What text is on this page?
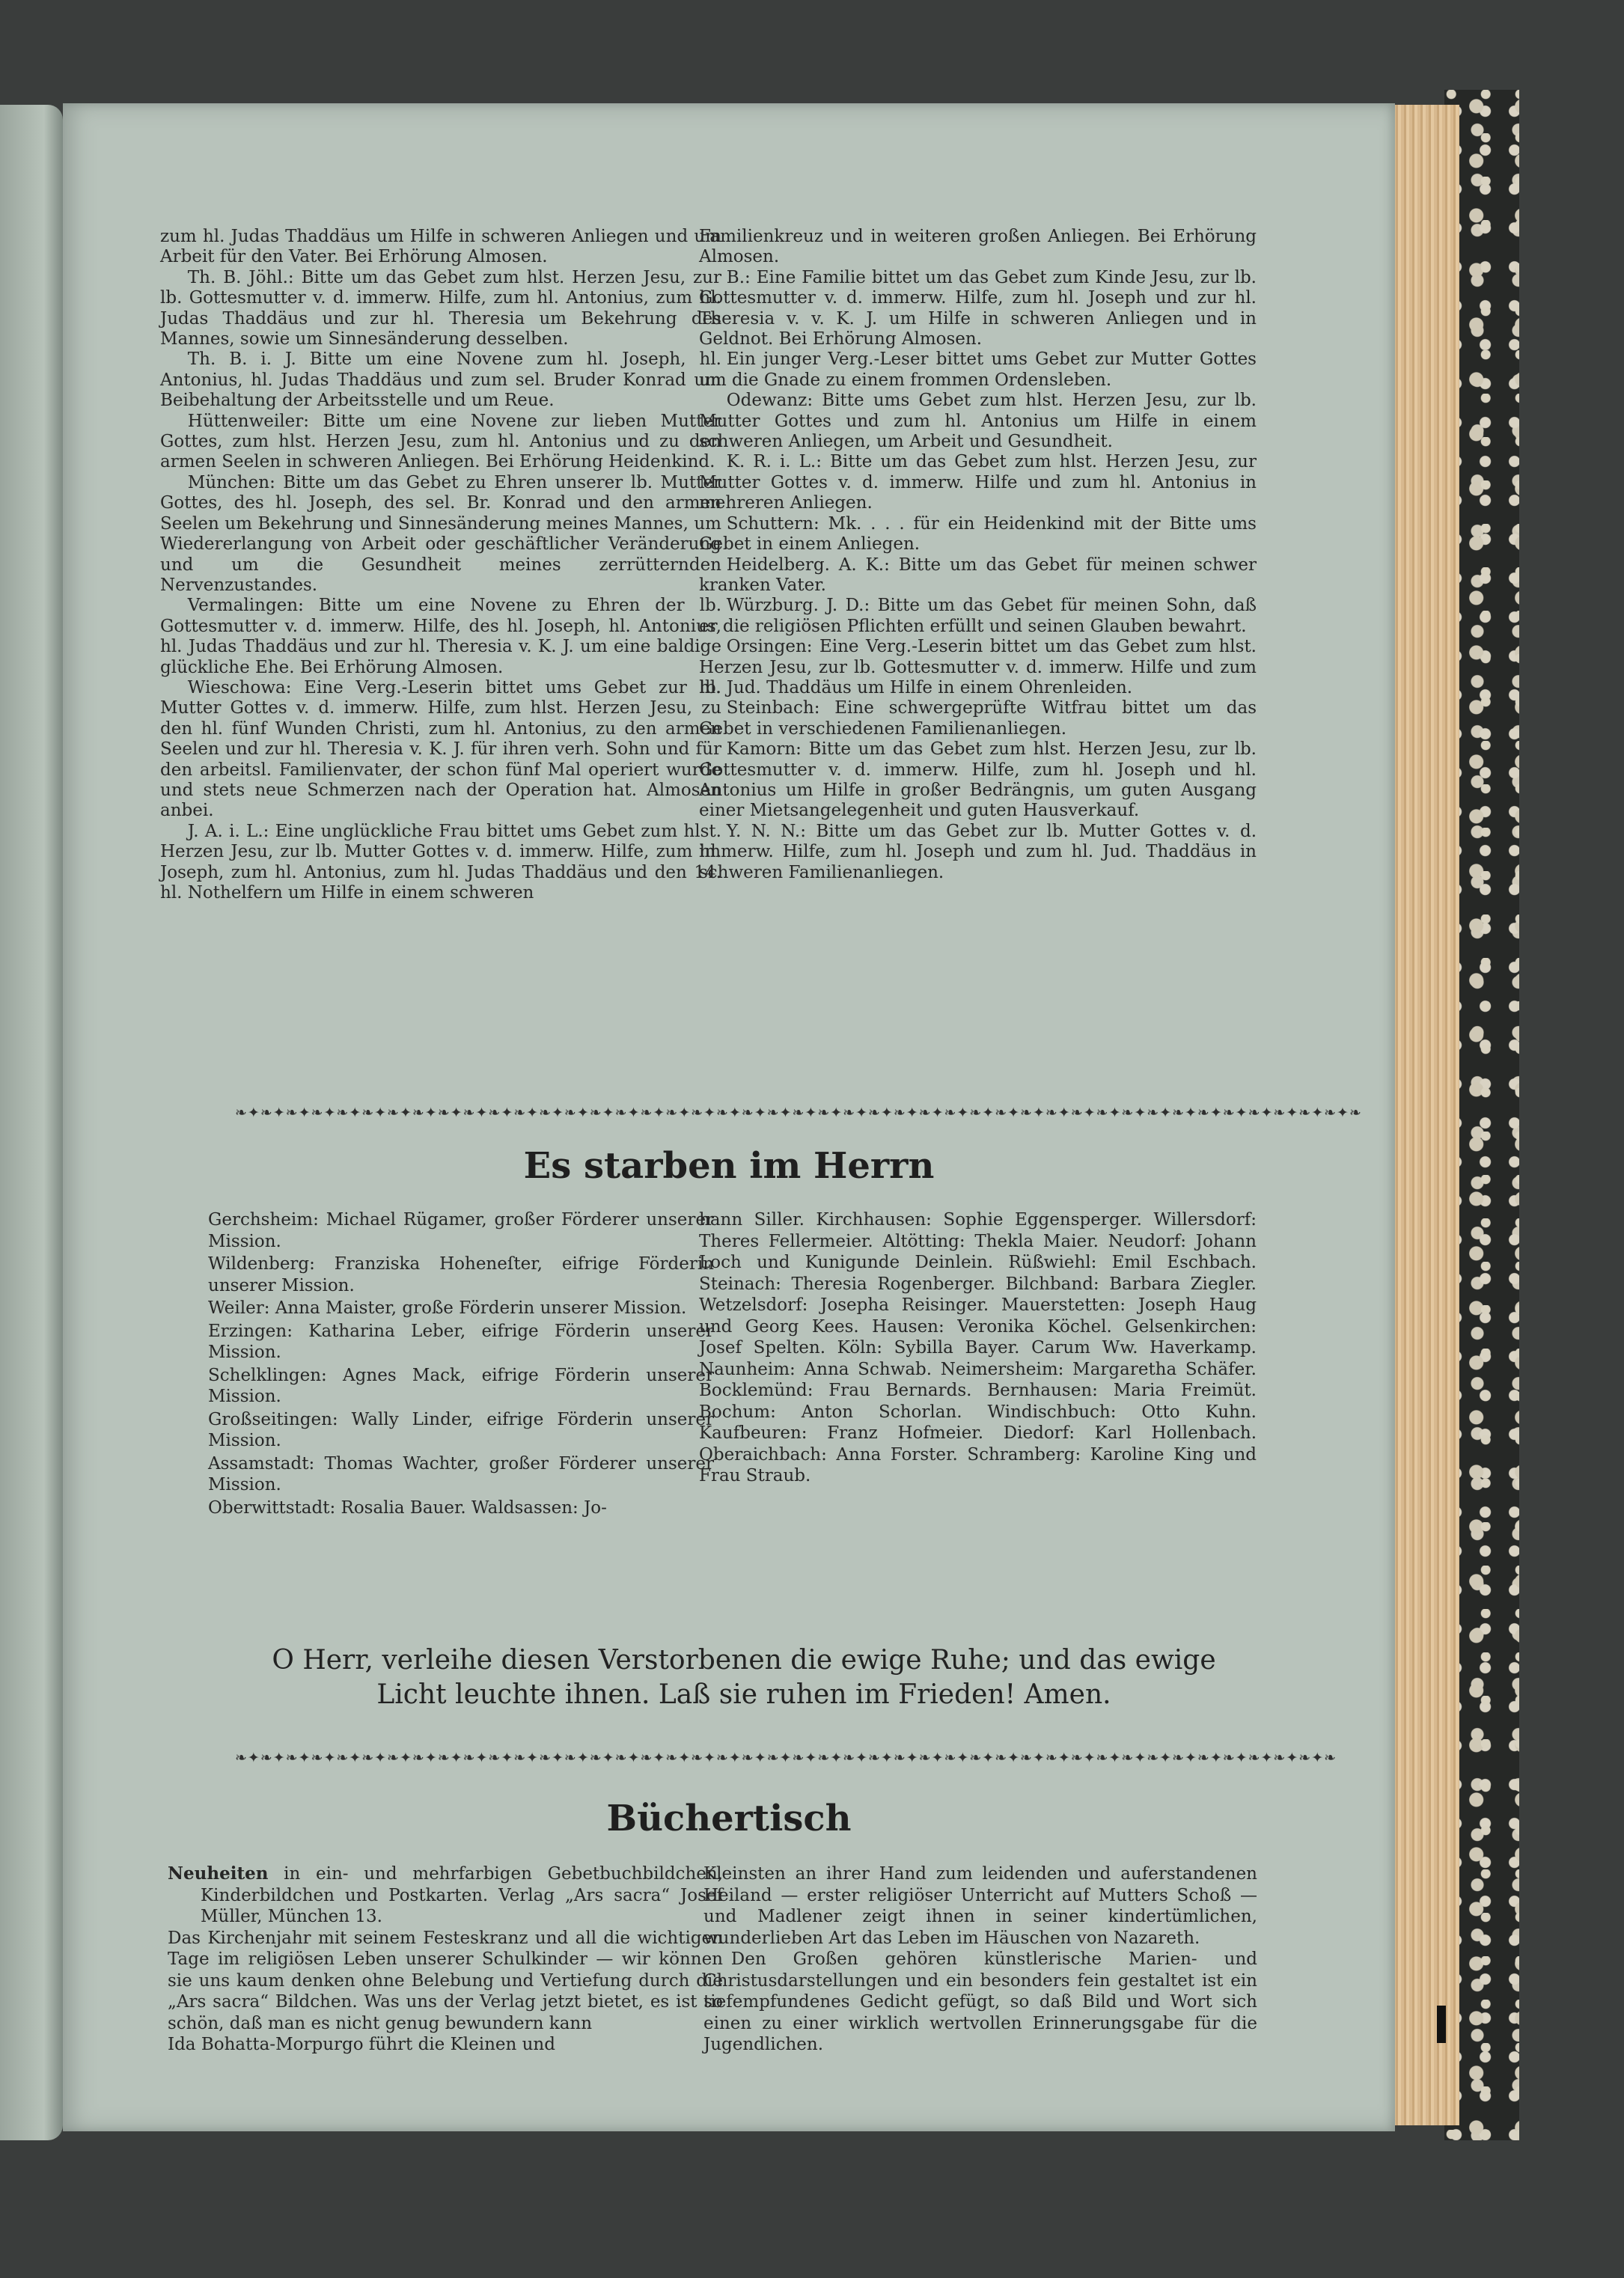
zum hl. Judas Thaddäus um Hilfe in schweren Anliegen und um Arbeit für den Vater. Bei Erhörung Almosen.

Th. B. Jöhl.: Bitte um das Gebet zum hlst. Herzen Jesu, zur lb. Gottesmutter v. d. immerw. Hilfe, zum hl. Antonius, zum hl. Judas Thaddäus und zur hl. Theresia um Bekehrung des Mannes, sowie um Sinnesänderung desselben.

Th. B. i. J. Bitte um eine Novene zum hl. Joseph, hl. Antonius, hl. Judas Thaddäus und zum sel. Bruder Konrad um Beibehaltung der Arbeitsstelle und um Reue.

Hüttenweiler: Bitte um eine Novene zur lieben Mutter Gottes, zum hlst. Herzen Jesu, zum hl. Antonius und zu den armen Seelen in schweren Anliegen. Bei Erhörung Heidenkind.

München: Bitte um das Gebet zu Ehren unserer lb. Mutter Gottes, des hl. Joseph, des sel. Br. Konrad und den armen Seelen um Bekehrung und Sinnesänderung meines Mannes, um Wiedererlangung von Arbeit oder geschäftlicher Veränderung und um die Gesundheit meines zerrütternden Nervenzustandes.

Vermalingen: Bitte um eine Novene zu Ehren der lb. Gottesmutter v. d. immerw. Hilfe, des hl. Joseph, hl. Antonius, hl. Judas Thaddäus und zur hl. Theresia v. K. J. um eine baldige glückliche Ehe. Bei Erhörung Almosen.

Wieschowa: Eine Verg.-Leserin bittet ums Gebet zur lb. Mutter Gottes v. d. immerw. Hilfe, zum hlst. Herzen Jesu, zu den hl. fünf Wunden Christi, zum hl. Antonius, zu den armen Seelen und zur hl. Theresia v. K. J. für ihren verh. Sohn und für den arbeitsl. Familienvater, der schon fünf Mal operiert wurde und stets neue Schmerzen nach der Operation hat. Almosen anbei.

J. A. i. L.: Eine unglückliche Frau bittet ums Gebet zum hlst. Herzen Jesu, zur lb. Mutter Gottes v. d. immerw. Hilfe, zum hl. Joseph, zum hl. Antonius, zum hl. Judas Thaddäus und den 14. hl. Nothelfern um Hilfe in einem schweren

Familienkreuz und in weiteren großen Anliegen. Bei Erhörung Almosen.

B.: Eine Familie bittet um das Gebet zum Kinde Jesu, zur lb. Gottesmutter v. d. immerw. Hilfe, zum hl. Joseph und zur hl. Theresia v. v. K. J. um Hilfe in schweren Anliegen und in Geldnot. Bei Erhörung Almosen.

Ein junger Verg.-Leser bittet ums Gebet zur Mutter Gottes um die Gnade zu einem frommen Ordensleben.

Odewanz: Bitte ums Gebet zum hlst. Herzen Jesu, zur lb. Mutter Gottes und zum hl. Antonius um Hilfe in einem schweren Anliegen, um Arbeit und Gesundheit.

K. R. i. L.: Bitte um das Gebet zum hlst. Herzen Jesu, zur Mutter Gottes v. d. immerw. Hilfe und zum hl. Antonius in mehreren Anliegen.

Schuttern: Mk. . . . für ein Heidenkind mit der Bitte ums Gebet in einem Anliegen.

Heidelberg. A. K.: Bitte um das Gebet für meinen schwer kranken Vater.

Würzburg. J. D.: Bitte um das Gebet für meinen Sohn, daß er die religiösen Pflichten erfüllt und seinen Glauben bewahrt.

Orsingen: Eine Verg.-Leserin bittet um das Gebet zum hlst. Herzen Jesu, zur lb. Gottesmutter v. d. immerw. Hilfe und zum hl. Jud. Thaddäus um Hilfe in einem Ohrenleiden.

Steinbach: Eine schwergeprüfte Witfrau bittet um das Gebet in verschiedenen Familienanliegen.

Kamorn: Bitte um das Gebet zum hlst. Herzen Jesu, zur lb. Gottesmutter v. d. immerw. Hilfe, zum hl. Joseph und hl. Antonius um Hilfe in großer Bedrängnis, um guten Ausgang einer Mietsangelegenheit und guten Hausverkauf.

Y. N. N.: Bitte um das Gebet zur lb. Mutter Gottes v. d. immerw. Hilfe, zum hl. Joseph und zum hl. Jud. Thaddäus in schweren Familienanliegen.

❧✦❧✦❧✦❧✦❧✦❧✦❧✦❧✦❧✦❧✦❧✦❧✦❧✦❧✦❧✦❧✦❧✦❧✦❧✦❧✦❧✦❧✦❧✦❧✦❧✦❧✦❧✦❧✦❧✦❧✦❧✦❧✦❧✦❧✦❧✦❧✦❧✦❧✦❧✦❧✦❧✦❧✦❧✦❧✦❧
Es starben im Herrn

Gerchsheim: Michael Rügamer, großer Förderer unserer Mission.

Wildenberg: Franziska Hoheneſter, eifrige Förderin unserer Mission.

Weiler: Anna Maister, große Förderin unserer Mission.

Erzingen: Katharina Leber, eifrige Förderin unserer Mission.

Schelklingen: Agnes Mack, eifrige Förderin unserer Mission.

Großseitingen: Wally Linder, eifrige Förderin unserer Mission.

Assamstadt: Thomas Wachter, großer Förderer unserer Mission.

Oberwittstadt: Rosalia Bauer. Waldsassen: Jo-

hann Siller. Kirchhausen: Sophie Eggensperger. Willersdorf: Theres Fellermeier. Altötting: Thekla Maier. Neudorf: Johann Loch und Kunigunde Deinlein. Rüßwiehl: Emil Eschbach. Steinach: Theresia Rogenberger. Bilchband: Barbara Ziegler. Wetzelsdorf: Josepha Reisinger. Mauerstetten: Joseph Haug und Georg Kees. Hausen: Veronika Köchel. Gelsenkirchen: Josef Spelten. Köln: Sybilla Bayer. Carum Ww. Haverkamp. Naunheim: Anna Schwab. Neimersheim: Margaretha Schäfer. Bocklemünd: Frau Bernards. Bernhausen: Maria Freimüt. Bochum: Anton Schorlan. Windischbuch: Otto Kuhn. Kaufbeuren: Franz Hofmeier. Diedorf: Karl Hollenbach. Oberaichbach: Anna Forster. Schramberg: Karoline King und Frau Straub.

O Herr, verleihe diesen Verstorbenen die ewige Ruhe; und das ewige
Licht leuchte ihnen. Laß sie ruhen im Frieden! Amen.
❧✦❧✦❧✦❧✦❧✦❧✦❧✦❧✦❧✦❧✦❧✦❧✦❧✦❧✦❧✦❧✦❧✦❧✦❧✦❧✦❧✦❧✦❧✦❧✦❧✦❧✦❧✦❧✦❧✦❧✦❧✦❧✦❧✦❧✦❧✦❧✦❧✦❧✦❧✦❧✦❧✦❧✦❧✦❧
Büchertisch

Neuheiten in ein- und mehrfarbigen Gebetbuchbildchen, Kinderbildchen und Postkarten. Verlag „Ars sacra“ Josef Müller, München 13.

Das Kirchenjahr mit seinem Festeskranz und all die wichtigen Tage im religiösen Leben unserer Schulkinder — wir können sie uns kaum denken ohne Belebung und Vertiefung durch die „Ars sacra“ Bildchen. Was uns der Verlag jetzt bietet, es ist so schön, daß man es nicht genug bewundern kann

Ida Bohatta-Morpurgo führt die Kleinen und

Kleinsten an ihrer Hand zum leidenden und auferstandenen Heiland — erster religiöser Unterricht auf Mutters Schoß — und Madlener zeigt ihnen in seiner kindertümlichen, wunderlieben Art das Leben im Häuschen von Nazareth.

Den Großen gehören künstlerische Marien- und Christusdarstellungen und ein besonders fein gestaltet ist ein tiefempfundenes Gedicht gefügt, so daß Bild und Wort sich einen zu einer wirklich wertvollen Erinnerungsgabe für die Jugendlichen.
